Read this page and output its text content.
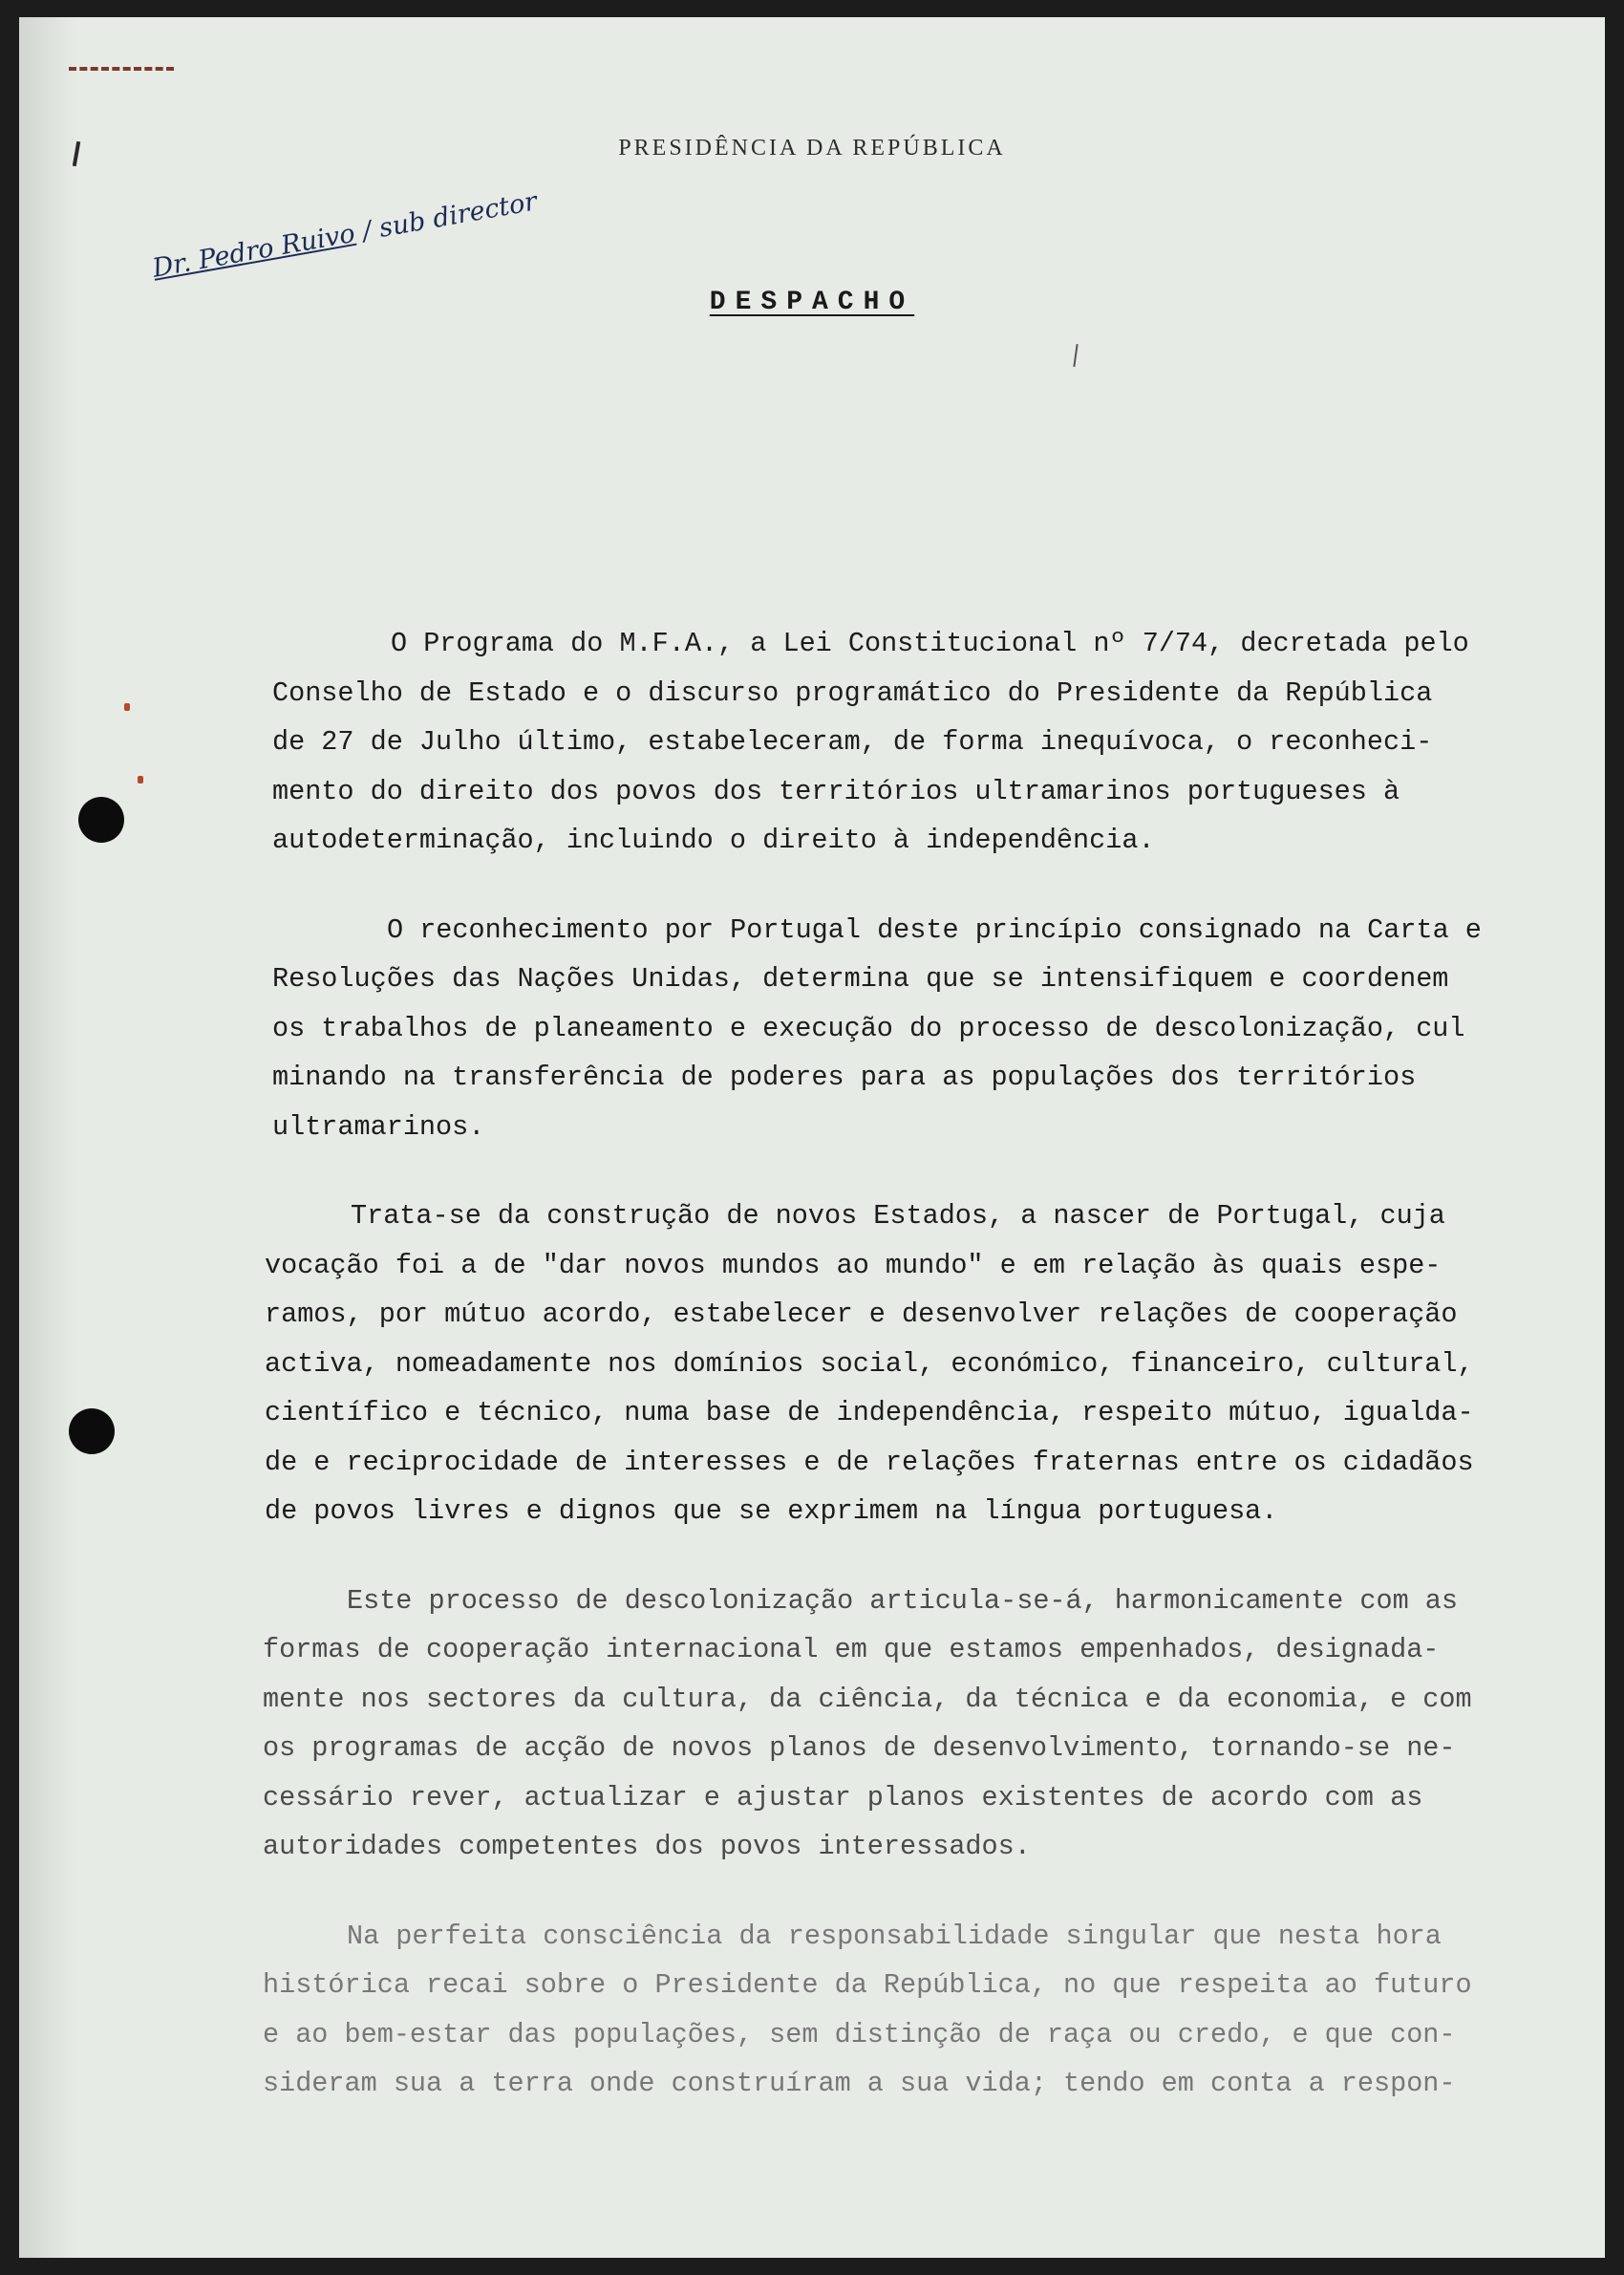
PRESIDÊNCIA DA REPÚBLICA
Dr. Pedro Ruivo / sub director
DESPACHO
O Programa do M.F.A., a Lei Constitucional nº 7/74, decretada pelo
Conselho de Estado e o discurso programático do Presidente da República
de 27 de Julho último, estabeleceram, de forma inequívoca, o reconheci-
mento do direito dos povos dos territórios ultramarinos portugueses à
autodeterminação, incluindo o direito à independência.
O reconhecimento por Portugal deste princípio consignado na Carta e
Resoluções das Nações Unidas, determina que se intensifiquem e coordenem
os trabalhos de planeamento e execução do processo de descolonização, cul
minando na transferência de poderes para as populações dos territórios
ultramarinos.
Trata-se da construção de novos Estados, a nascer de Portugal, cuja
vocação foi a de "dar novos mundos ao mundo" e em relação às quais espe-
ramos, por mútuo acordo, estabelecer e desenvolver relações de cooperação
activa, nomeadamente nos domínios social, económico, financeiro, cultural,
científico e técnico, numa base de independência, respeito mútuo, igualda-
de e reciprocidade de interesses e de relações fraternas entre os cidadãos
de povos livres e dignos que se exprimem na língua portuguesa.
Este processo de descolonização articula-se-á, harmonicamente com as
formas de cooperação internacional em que estamos empenhados, designada-
mente nos sectores da cultura, da ciência, da técnica e da economia, e com
os programas de acção de novos planos de desenvolvimento, tornando-se ne-
cessário rever, actualizar e ajustar planos existentes de acordo com as
autoridades competentes dos povos interessados.
Na perfeita consciência da responsabilidade singular que nesta hora
histórica recai sobre o Presidente da República, no que respeita ao futuro
e ao bem-estar das populações, sem distinção de raça ou credo, e que con-
sideram sua a terra onde construíram a sua vida; tendo em conta a respon-
